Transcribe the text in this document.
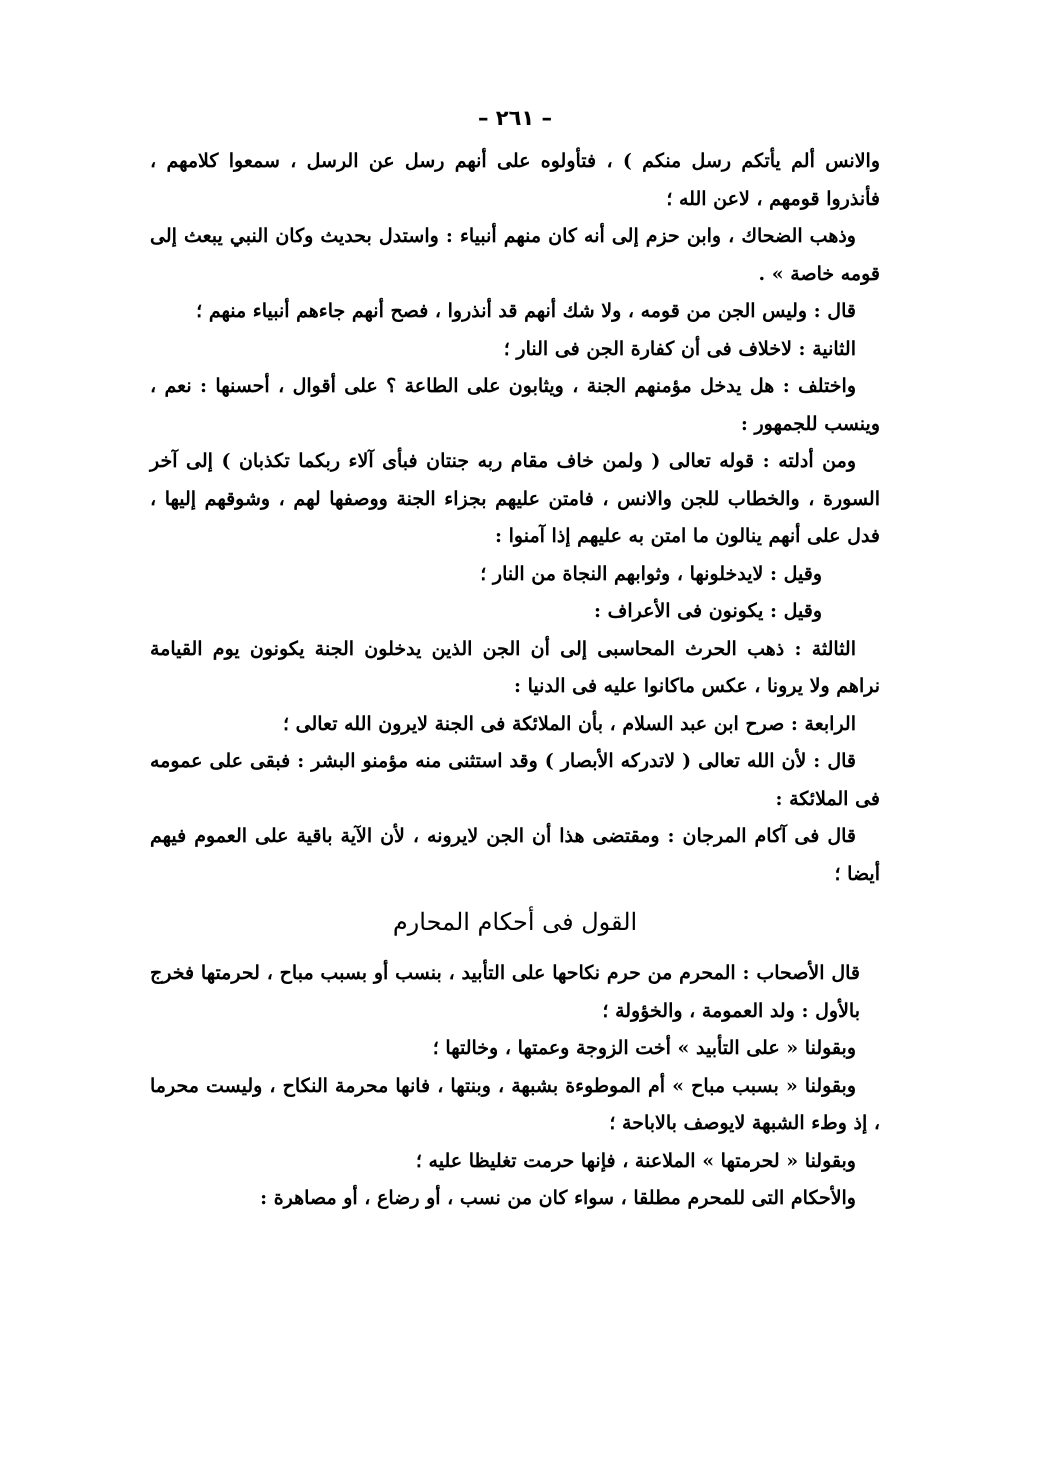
– ٢٦١ –

والانس ألم يأتكم رسل منكم ) ، فتأولوه على أنهم رسل عن الرسل ، سمعوا كلامهم ، فأنذروا قومهم ، لاعن الله ؛

وذهب الضحاك ، وابن حزم إلى أنه كان منهم أنبياء : واستدل بحديث وكان النبي يبعث إلى قومه خاصة » .

قال : وليس الجن من قومه ، ولا شك أنهم قد أنذروا ، فصح أنهم جاءهم أنبياء منهم ؛

الثانية : لاخلاف فى أن كفارة الجن فى النار ؛

واختلف : هل يدخل مؤمنهم الجنة ، ويثابون على الطاعة ؟ على أقوال ، أحسنها : نعم ، وينسب للجمهور :

ومن أدلته : قوله تعالى ( ولمن خاف مقام ربه جنتان فبأى آلاء ربكما تكذبان ) إلى آخر السورة ، والخطاب للجن والانس ، فامتن عليهم بجزاء الجنة ووصفها لهم ، وشوقهم إليها ، فدل على أنهم ينالون ما امتن به عليهم إذا آمنوا :

وقيل : لايدخلونها ، وثوابهم النجاة من النار ؛

وقيل : يكونون فى الأعراف :

الثالثة : ذهب الحرث المحاسبى إلى أن الجن الذين يدخلون الجنة يكونون يوم القيامة نراهم ولا يرونا ، عكس ماكانوا عليه فى الدنيا :

الرابعة : صرح ابن عبد السلام ، بأن الملائكة فى الجنة لايرون الله تعالى ؛

قال : لأن الله تعالى ( لاتدركه الأبصار ) وقد استثنى منه مؤمنو البشر : فبقى على عمومه فى الملائكة :

قال فى آكام المرجان : ومقتضى هذا أن الجن لايرونه ، لأن الآية باقية على العموم فيهم أيضا ؛

القول فى أحكام المحارم

قال الأصحاب : المحرم من حرم نكاحها على التأبيد ، بنسب أو بسبب مباح ، لحرمتها فخرج بالأول : ولد العمومة ، والخؤولة ؛

وبقولنا « على التأبيد » أخت الزوجة وعمتها ، وخالتها ؛

وبقولنا « بسبب مباح » أم الموطوءة بشبهة ، وبنتها ، فانها محرمة النكاح ، وليست محرما ، إذ وطء الشبهة لايوصف بالاباحة ؛

وبقولنا « لحرمتها » الملاعنة ، فإنها حرمت تغليظا عليه ؛

والأحكام التى للمحرم مطلقا ، سواء كان من نسب ، أو رضاع ، أو مصاهرة :
